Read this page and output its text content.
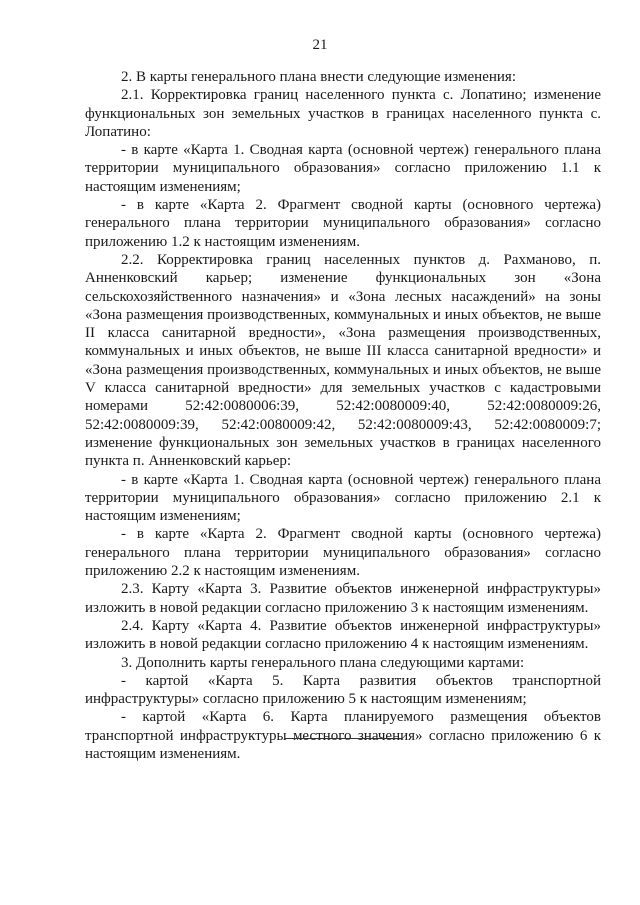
21

2. В карты генерального плана внести следующие изменения:

2.1. Корректировка границ населенного пункта с. Лопатино; изменение функциональных зон земельных участков в границах населенного пункта с. Лопатино:

- в карте «Карта 1. Сводная карта (основной чертеж) генерального плана территории муниципального образования» согласно приложению 1.1 к настоящим изменениям;

- в карте «Карта 2. Фрагмент сводной карты (основного чертежа) генерального плана территории муниципального образования» согласно приложению 1.2 к настоящим изменениям.

2.2. Корректировка границ населенных пунктов д. Рахманово, п. Анненковский карьер; изменение функциональных зон «Зона сельскохозяйственного назначения» и «Зона лесных насаждений» на зоны «Зона размещения производственных, коммунальных и иных объектов, не выше II класса санитарной вредности», «Зона размещения производственных, коммунальных и иных объектов, не выше III класса санитарной вредности» и «Зона размещения производственных, коммунальных и иных объектов, не выше V класса санитарной вредности» для земельных участков с кадастровыми номерами 52:42:0080006:39, 52:42:0080009:40, 52:42:0080009:26, 52:42:0080009:39, 52:42:0080009:42, 52:42:0080009:43, 52:42:0080009:7; изменение функциональных зон земельных участков в границах населенного пункта п. Анненковский карьер:

- в карте «Карта 1. Сводная карта (основной чертеж) генерального плана территории муниципального образования» согласно приложению 2.1 к настоящим изменениям;

- в карте «Карта 2. Фрагмент сводной карты (основного чертежа) генерального плана территории муниципального образования» согласно приложению 2.2 к настоящим изменениям.

2.3. Карту «Карта 3. Развитие объектов инженерной инфраструктуры» изложить в новой редакции согласно приложению 3 к настоящим изменениям.

2.4. Карту «Карта 4. Развитие объектов инженерной инфраструктуры» изложить в новой редакции согласно приложению 4 к настоящим изменениям.

3. Дополнить карты генерального плана следующими картами:

- картой «Карта 5. Карта развития объектов транспортной инфраструктуры» согласно приложению 5 к настоящим изменениям;

- картой «Карта 6. Карта планируемого размещения объектов транспортной инфраструктуры местного значения» согласно приложению 6 к настоящим изменениям.
